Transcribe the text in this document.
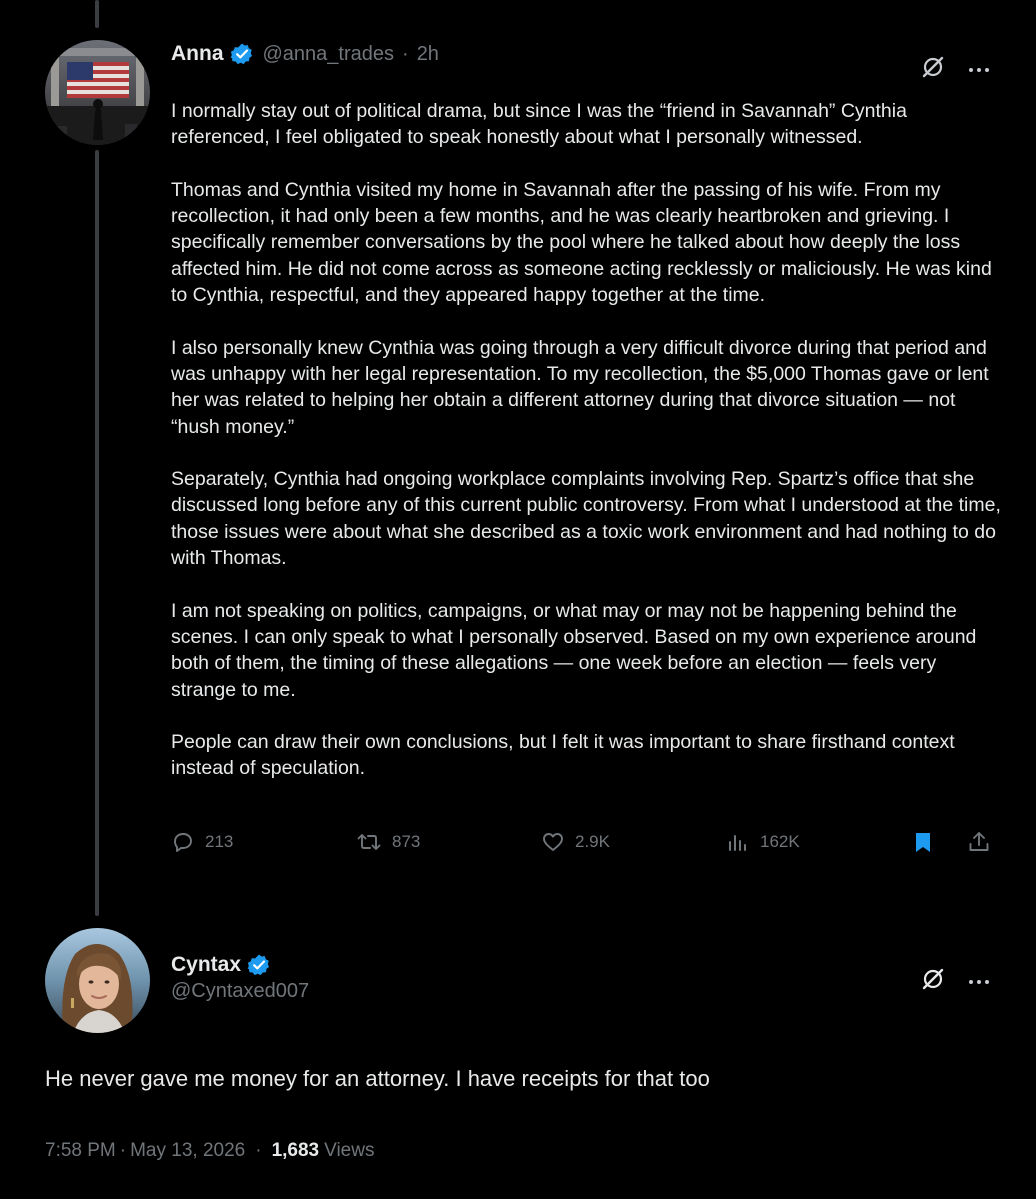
Anna @anna_trades · 2h

I normally stay out of political drama, but since I was the “friend in Savannah” Cynthia referenced, I feel obligated to speak honestly about what I personally witnessed.

Thomas and Cynthia visited my home in Savannah after the passing of his wife. From my recollection, it had only been a few months, and he was clearly heartbroken and grieving. I specifically remember conversations by the pool where he talked about how deeply the loss affected him. He did not come across as someone acting recklessly or maliciously. He was kind to Cynthia, respectful, and they appeared happy together at the time.

I also personally knew Cynthia was going through a very difficult divorce during that period and was unhappy with her legal representation. To my recollection, the $5,000 Thomas gave or lent her was related to helping her obtain a different attorney during that divorce situation — not “hush money.”

Separately, Cynthia had ongoing workplace complaints involving Rep. Spartz’s office that she discussed long before any of this current public controversy. From what I understood at the time, those issues were about what she described as a toxic work environment and had nothing to do with Thomas.

I am not speaking on politics, campaigns, or what may or may not be happening behind the scenes. I can only speak to what I personally observed. Based on my own experience around both of them, the timing of these allegations — one week before an election — feels very strange to me.

People can draw their own conclusions, but I felt it was important to share firsthand context instead of speculation.

213	873	2.9K	162K
Cyntax
@Cyntaxed007
He never gave me money for an attorney. I have receipts for that too
7:58 PM · May 13, 2026 · 1,683 Views
